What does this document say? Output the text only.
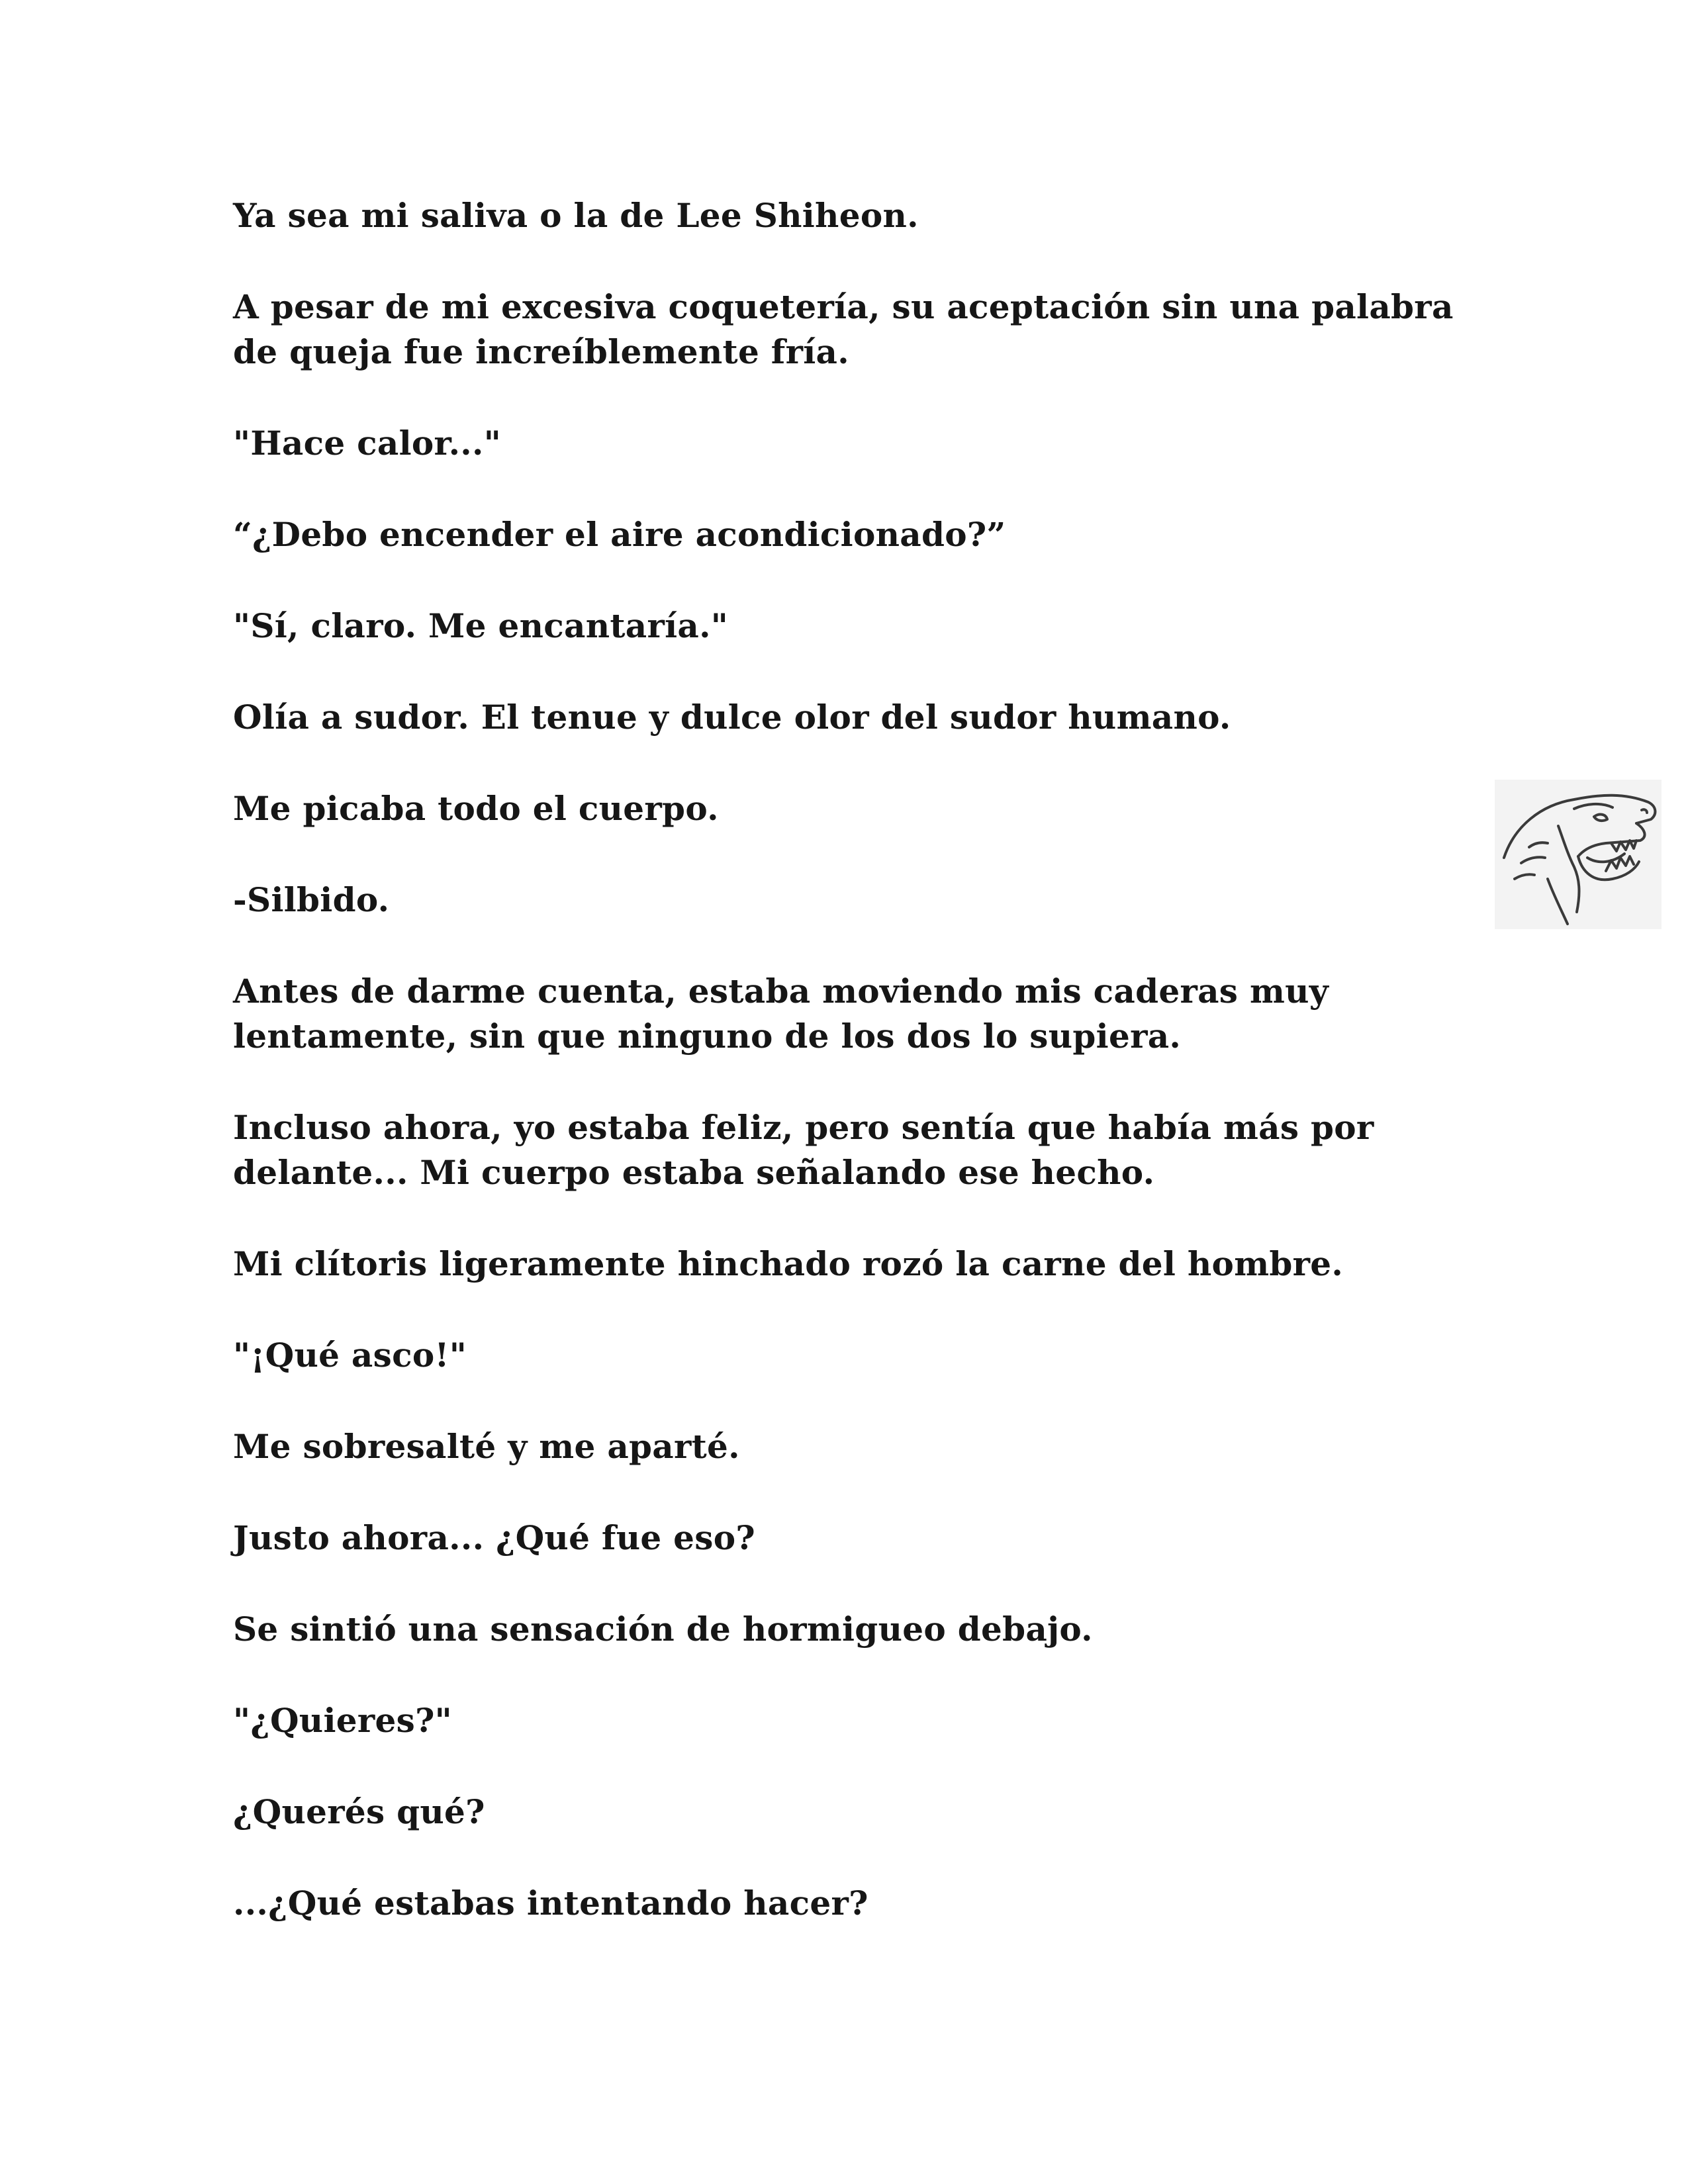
Ya sea mi saliva o la de Lee Shiheon.

A pesar de mi excesiva coquetería, su aceptación sin una palabra de queja fue increíblemente fría.

"Hace calor..."

“¿Debo encender el aire acondicionado?”

"Sí, claro. Me encantaría."

Olía a sudor. El tenue y dulce olor del sudor humano.

Me picaba todo el cuerpo.

-Silbido.

Antes de darme cuenta, estaba moviendo mis caderas muy lentamente, sin que ninguno de los dos lo supiera.

Incluso ahora, yo estaba feliz, pero sentía que había más por delante... Mi cuerpo estaba señalando ese hecho.

Mi clítoris ligeramente hinchado rozó la carne del hombre.

"¡Qué asco!"

Me sobresalté y me aparté.

Justo ahora... ¿Qué fue eso?

Se sintió una sensación de hormigueo debajo.

"¿Quieres?"

¿Querés qué?

...¿Qué estabas intentando hacer?
